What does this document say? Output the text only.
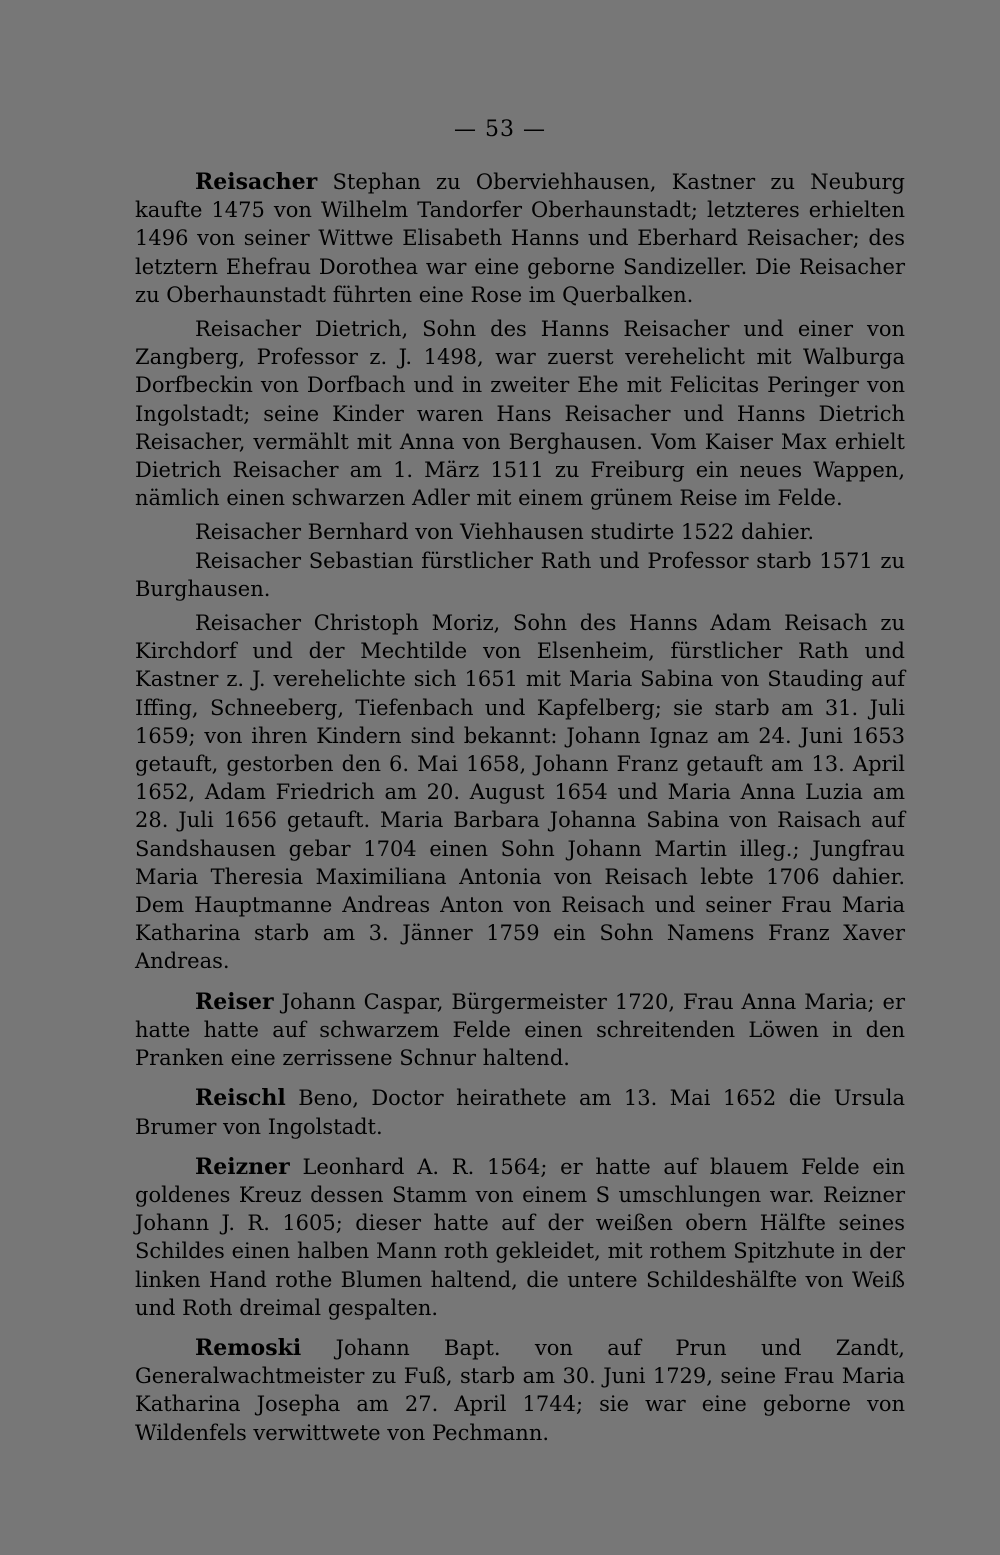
— 53 —

Reisacher Stephan zu Oberviehhausen, Kastner zu Neuburg kaufte 1475 von Wilhelm Tandorfer Oberhaunstadt; letzteres erhielten 1496 von seiner Wittwe Elisabeth Hanns und Eberhard Reisacher; des letztern Ehefrau Dorothea war eine geborne Sandizeller. Die Reisacher zu Oberhaunstadt führten eine Rose im Querbalken.

Reisacher Dietrich, Sohn des Hanns Reisacher und einer von Zangberg, Professor z. J. 1498, war zuerst verehelicht mit Walburga Dorfbeckin von Dorfbach und in zweiter Ehe mit Felicitas Peringer von Ingolstadt; seine Kinder waren Hans Reisacher und Hanns Dietrich Reisacher, vermählt mit Anna von Berghausen. Vom Kaiser Max erhielt Dietrich Reisacher am 1. März 1511 zu Freiburg ein neues Wappen, nämlich einen schwarzen Adler mit einem grünem Reise im Felde.

Reisacher Bernhard von Viehhausen studirte 1522 dahier.

Reisacher Sebastian fürstlicher Rath und Professor starb 1571 zu Burghausen.

Reisacher Christoph Moriz, Sohn des Hanns Adam Reisach zu Kirchdorf und der Mechtilde von Elsenheim, fürstlicher Rath und Kastner z. J. verehelichte sich 1651 mit Maria Sabina von Stauding auf Iffing, Schneeberg, Tiefenbach und Kapfelberg; sie starb am 31. Juli 1659; von ihren Kindern sind bekannt: Johann Ignaz am 24. Juni 1653 getauft, gestorben den 6. Mai 1658, Johann Franz getauft am 13. April 1652, Adam Friedrich am 20. August 1654 und Maria Anna Luzia am 28. Juli 1656 getauft. Maria Barbara Johanna Sabina von Raisach auf Sandshausen gebar 1704 einen Sohn Johann Martin illeg.; Jungfrau Maria Theresia Maximiliana Antonia von Reisach lebte 1706 dahier. Dem Hauptmanne Andreas Anton von Reisach und seiner Frau Maria Katharina starb am 3. Jänner 1759 ein Sohn Namens Franz Xaver Andreas.

Reiser Johann Caspar, Bürgermeister 1720, Frau Anna Maria; er hatte hatte auf schwarzem Felde einen schreitenden Löwen in den Pranken eine zerrissene Schnur haltend.

Reischl Beno, Doctor heirathete am 13. Mai 1652 die Ursula Brumer von Ingolstadt.

Reizner Leonhard A. R. 1564; er hatte auf blauem Felde ein goldenes Kreuz dessen Stamm von einem S umschlungen war. Reizner Johann J. R. 1605; dieser hatte auf der weißen obern Hälfte seines Schildes einen halben Mann roth gekleidet, mit rothem Spitzhute in der linken Hand rothe Blumen haltend, die untere Schildeshälfte von Weiß und Roth dreimal gespalten.

Remoski Johann Bapt. von auf Prun und Zandt, Generalwachtmeister zu Fuß, starb am 30. Juni 1729, seine Frau Maria Katharina Josepha am 27. April 1744; sie war eine geborne von Wildenfels verwittwete von Pechmann.
